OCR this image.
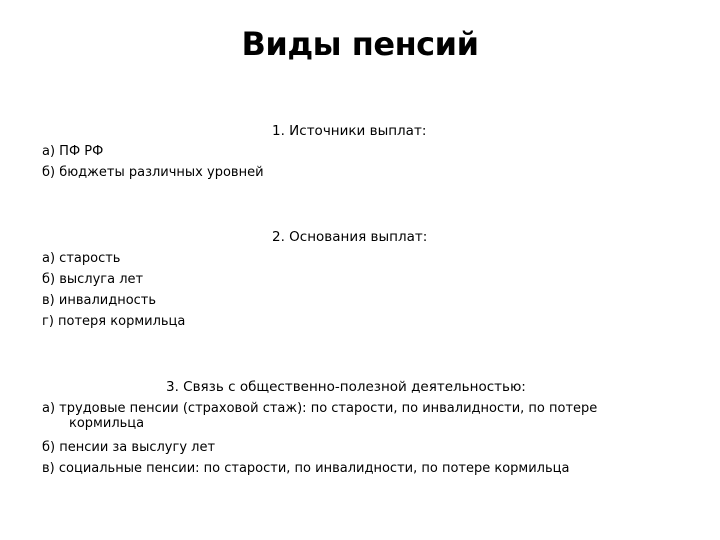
Виды пенсий
1. Источники выплат:
а) ПФ РФ
б) бюджеты различных уровней
2. Основания выплат:
а) старость
б) выслуга лет
в) инвалидность
г) потеря кормильца
3. Связь с общественно-полезной деятельностью:
а) трудовые пенсии (страховой стаж): по старости, по инвалидности, по потере
кормильца
б) пенсии за выслугу лет
в) социальные пенсии: по старости, по инвалидности, по потере кормильца
